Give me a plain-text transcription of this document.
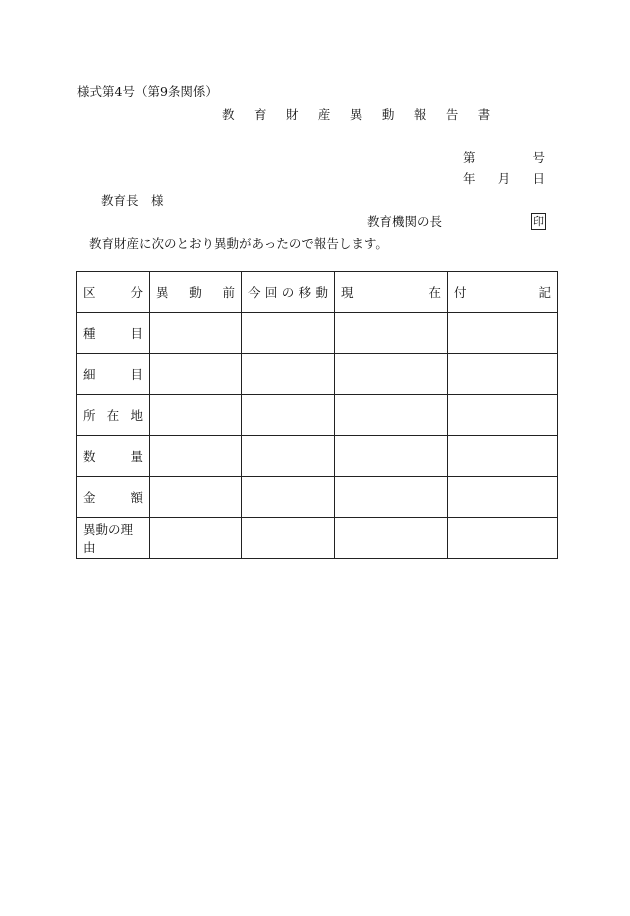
様式第4号（第9条関係）
教 育 財 産 異 動 報 告 書
第	号
年 月 日
教育長　様
教育機関の長	印
教育財産に次のとおり異動があったので報告します。
区 分	異 動 前	今 回 の 移 動	現 在	付 記

種 目				

細 目				

所 在 地				

数 量				

金 額				

異動の理由				
